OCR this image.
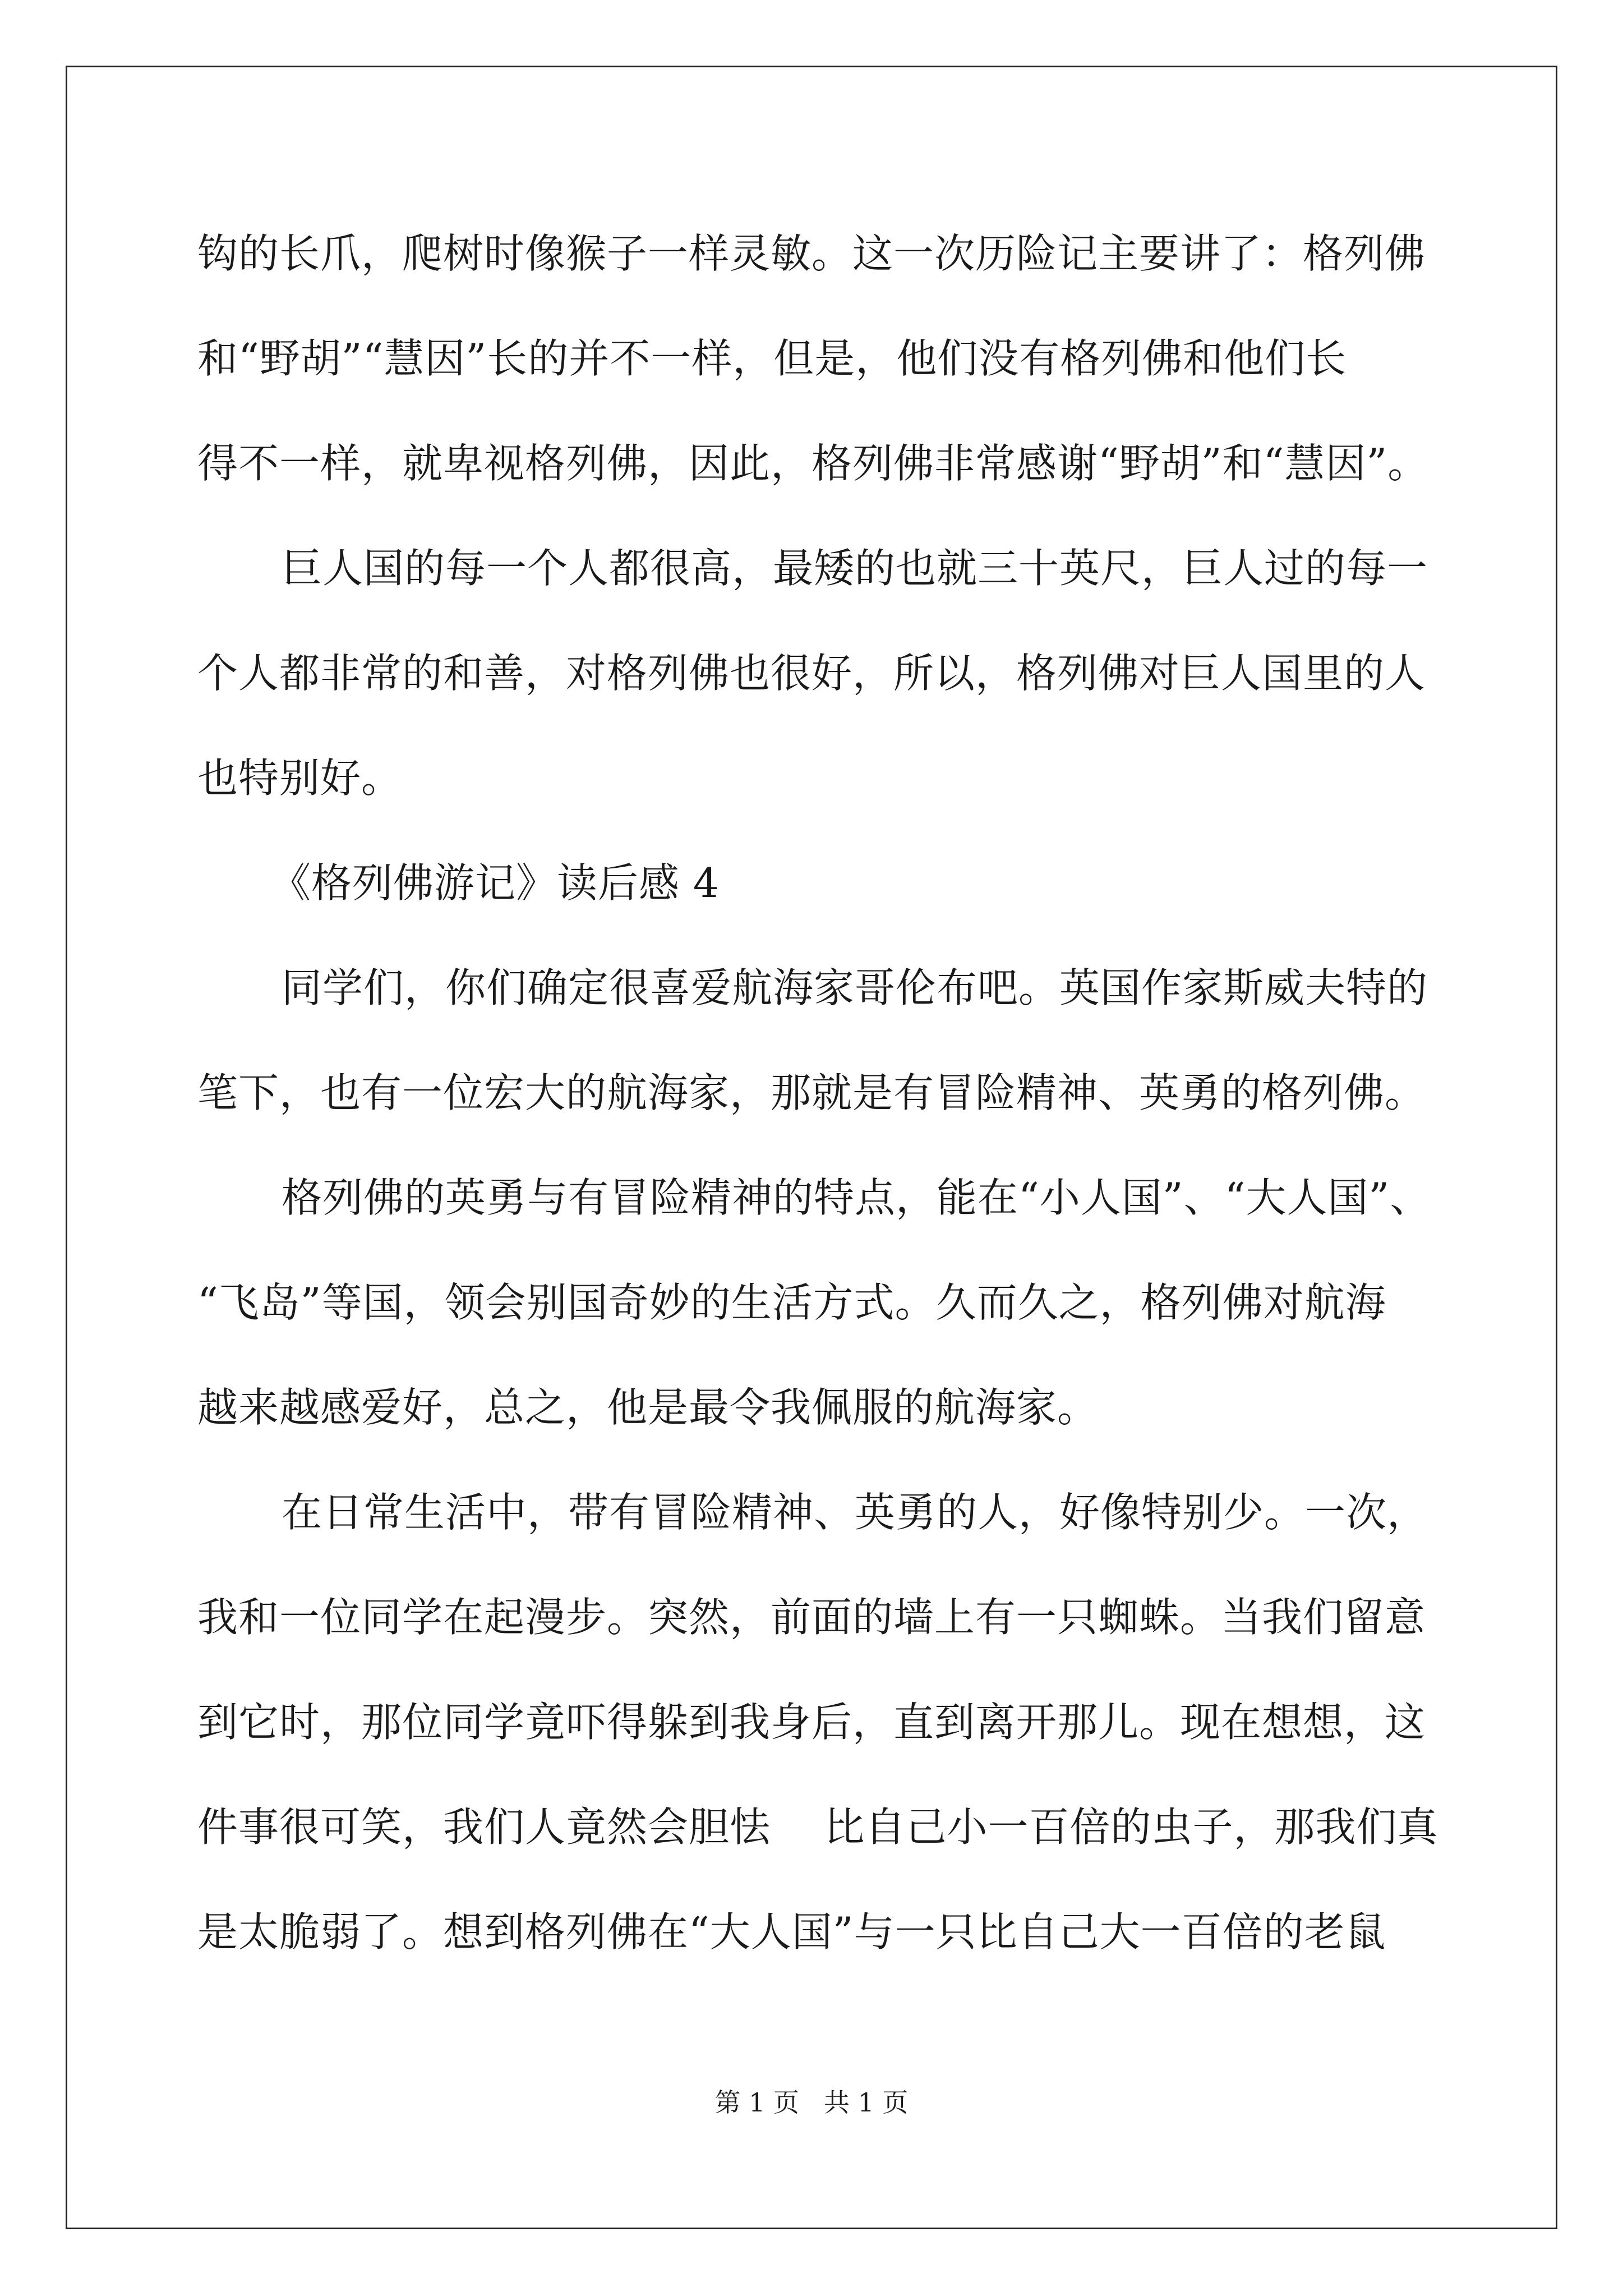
钩的长爪，爬树时像猴子一样灵敏。这一次历险记主要讲了：格列佛
和“野胡”“慧因”长的并不一样，但是，他们没有格列佛和他们长
得不一样，就卑视格列佛，因此，格列佛非常感谢“野胡”和“慧因”。
巨人国的每一个人都很高，最矮的也就三十英尺，巨人过的每一
个人都非常的和善，对格列佛也很好，所以，格列佛对巨人国里的人
也特别好。
《格列佛游记》读后感 4
同学们，你们确定很喜爱航海家哥伦布吧。英国作家斯威夫特的
笔下，也有一位宏大的航海家，那就是有冒险精神、英勇的格列佛。
格列佛的英勇与有冒险精神的特点，能在“小人国”、“大人国”、
“飞岛”等国，领会别国奇妙的生活方式。久而久之，格列佛对航海
越来越感爱好，总之，他是最令我佩服的航海家。
在日常生活中，带有冒险精神、英勇的人，好像特别少。一次，
我和一位同学在起漫步。突然，前面的墙上有一只蜘蛛。当我们留意
到它时，那位同学竟吓得躲到我身后，直到离开那儿。现在想想，这
件事很可笑，我们人竟然会胆怯    比自己小一百倍的虫子，那我们真
是太脆弱了。想到格列佛在“大人国”与一只比自己大一百倍的老鼠
第 1 页   共 1 页
